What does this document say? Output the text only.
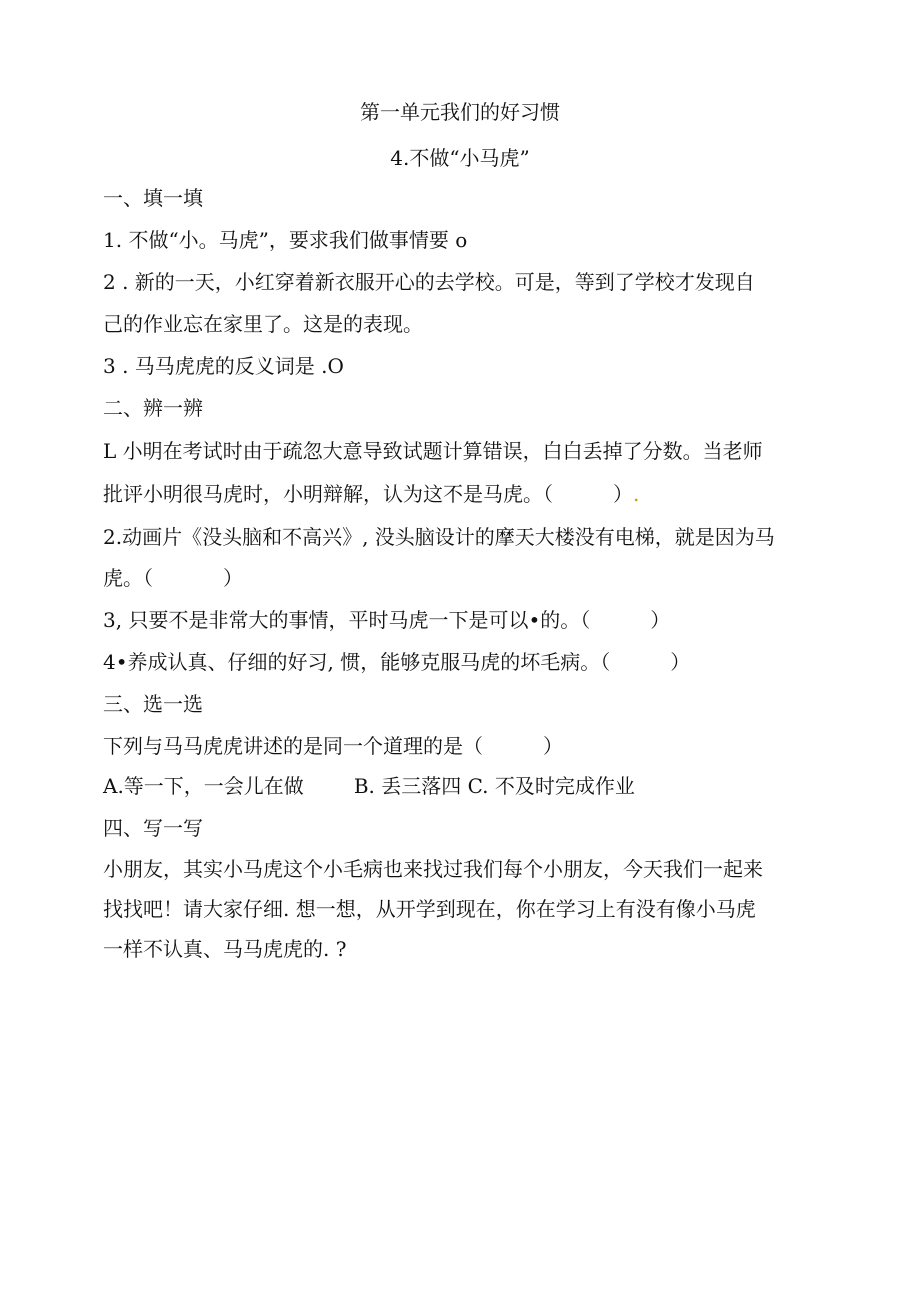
第一单元我们的好习惯
4.不做“小马虎”
一、填一填
1. 不做“小。马虎”，要求我们做事情要 o
2 . 新的一天，小红穿着新衣服开心的去学校。可是，等到了学校才发现自
己的作业忘在家里了。这是的表现。
3 . 马马虎虎的反义词是 .O
二、辨一辨
L 小明在考试时由于疏忽大意导致试题计算错误，白白丢掉了分数。当老师
批评小明很马虎时，小明辩解，认为这不是马虎。（	）.
2.动画片《没头脑和不高兴》, 没头脑设计的摩天大楼没有电梯，就是因为马
虎。（	）
3, 只要不是非常大的事情，平时马虎一下是可以•的。（	）
4•养成认真、仔细的好习, 惯，能够克服马虎的坏毛病。（	）
三、选一选
下列与马马虎虎讲述的是同一个道理的是（	）
A.等一下，一会儿在做	B. 丢三落四 C. 不及时完成作业
四、写一写
小朋友，其实小马虎这个小毛病也来找过我们每个小朋友，今天我们一起来
找找吧！请大家仔细. 想一想，从开学到现在，你在学习上有没有像小马虎
一样不认真、马马虎虎的. ?
